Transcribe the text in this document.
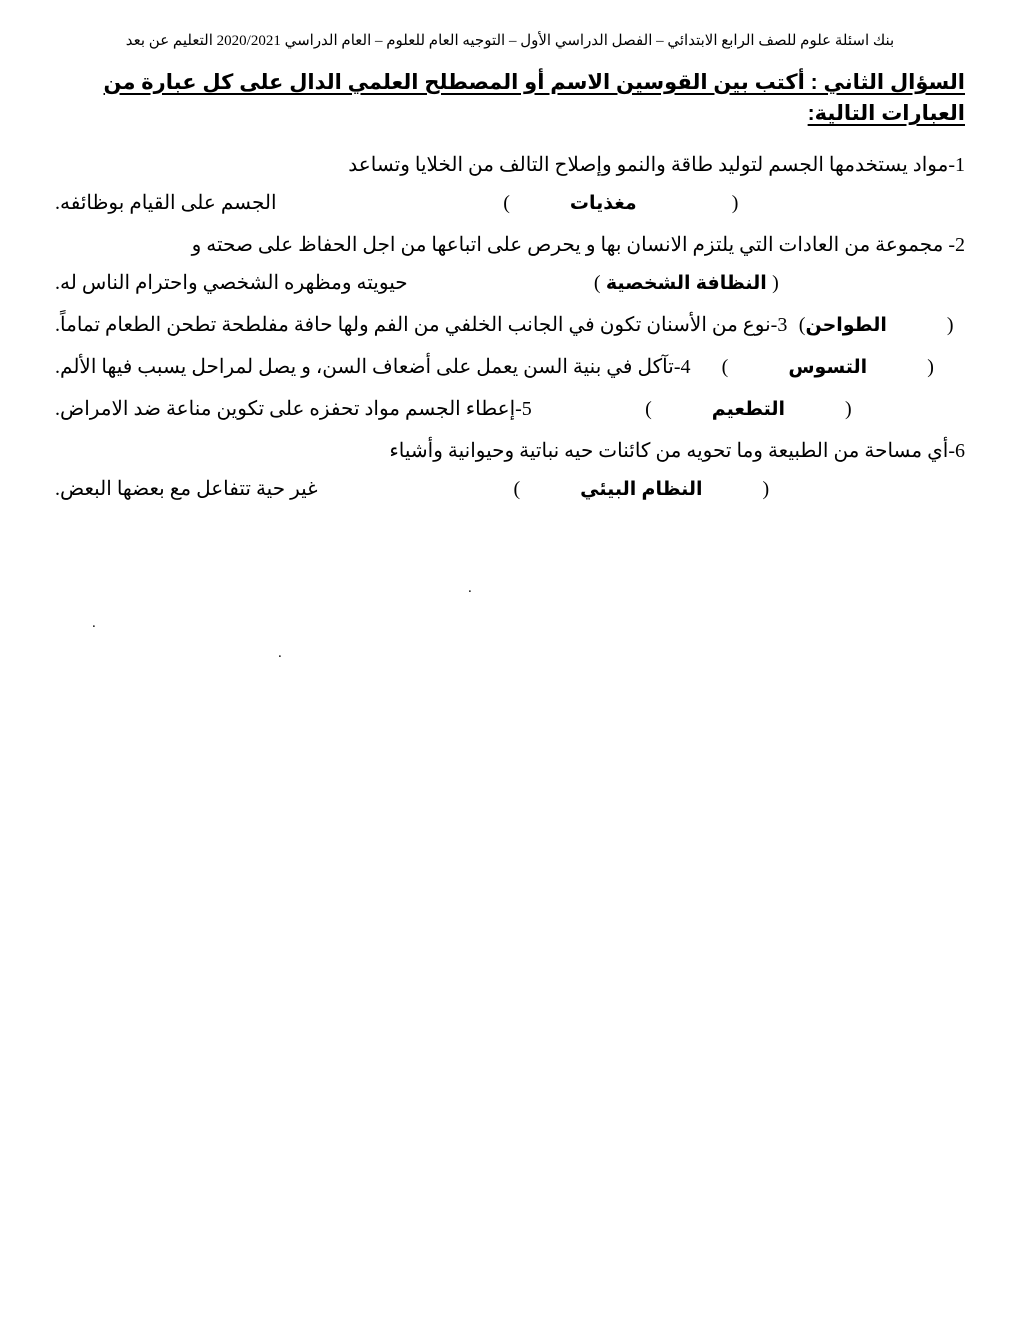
بنك اسئلة علوم للصف الرابع الابتدائي – الفصل الدراسي الأول – التوجيه العام للعلوم – العام الدراسي 2020/2021 التعليم عن بعد
السؤال الثاني : أكتب بين القوسين الاسم أو المصطلح العلمي الدال على كل عبارة من العبارات التالية:
1-مواد يستخدمها الجسم لتوليد طاقة والنمو وإصلاح التالف من الخلايا وتساعد
(مغذيات)
الجسم على القيام بوظائفه.
2- مجموعة من العادات التي يلتزم الانسان بها و يحرص على اتباعها من اجل الحفاظ على صحته و
( النظافة الشخصية )
حيويته ومظهره الشخصي واحترام الناس له.
(الطواحن)
3-نوع من الأسنان تكون في الجانب الخلفي من الفم ولها حافة مفلطحة تطحن الطعام تماماً.
(التسوس)
4-تآكل في بنية السن يعمل على أضعاف السن، و يصل لمراحل يسبب فيها الألم.
(التطعيم)
5-إعطاء الجسم مواد تحفزه على تكوين مناعة ضد الامراض.
6-أي مساحة من الطبيعة وما تحويه من كائنات حيه نباتية وحيوانية وأشياء
(النظام البيئي)
غير حية تتفاعل مع بعضها البعض.
.
.
.
